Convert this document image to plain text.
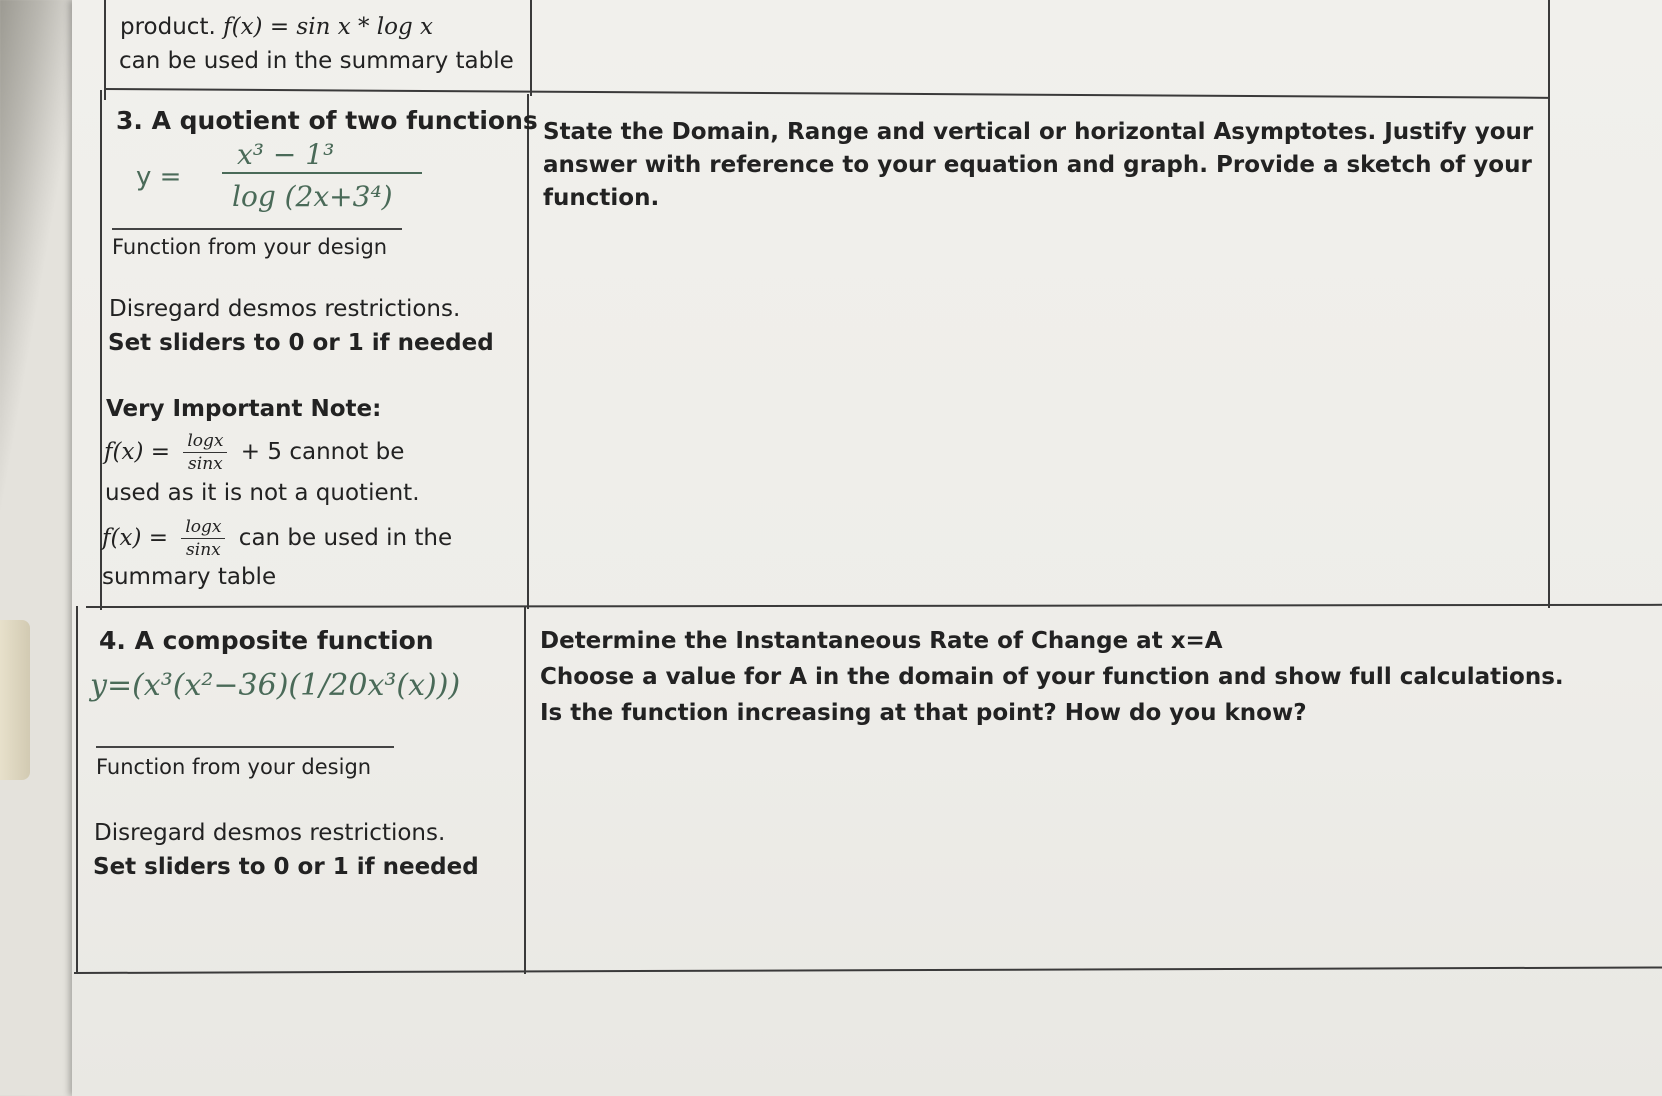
product. f(x) = sin x * log x
can be used in the summary table
3. A quotient of two functions
y =
x³ − 1³
log (2x+3⁴)
Function from your design
Disregard desmos restrictions.
Set sliders to 0 or 1 if needed
Very Important Note:
$f(x) = \frac{\log x}{\sin x} + 5$ cannot be
used as it is not a quotient.
$f(x) = \frac{\log x}{\sin x}$ can be used in the
summary table
State the Domain, Range and vertical or horizontal Asymptotes. Justify your answer with reference to your equation and graph. Provide a sketch of your function.
4. A composite function
y=(x³(x²−36)(1/20x³(x)))
Function from your design
Disregard desmos restrictions.
Set sliders to 0 or 1 if needed
Determine the Instantaneous Rate of Change at x=A
Choose a value for A in the domain of your function and show full calculations.
Is the function increasing at that point? How do you know?
